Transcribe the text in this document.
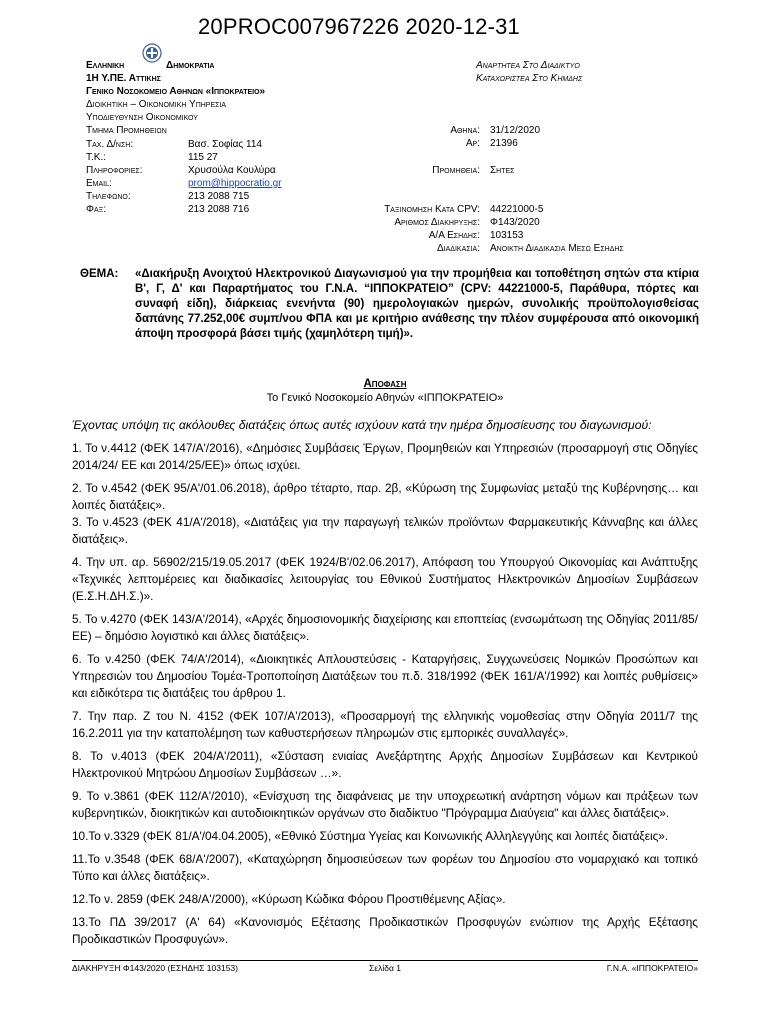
20PROC007967226 2020-12-31
Ελληνικη	Δημοκρατια
1Η Υ.ΠΕ. Αττικης
Γενικο Νοσοκομειο Αθηνων «Ιπποκρατειο»
Διοικητικη – Οικονομικη Υπηρεσια
Υποδιευθυνση Οικονομικου
Τμημα Προμηθειων
Ταχ. Δ/νση:	Βασ. Σοφίας 114
Τ.Κ.:	115 27
Πληροφοριες:	Χρυσούλα Κουλύρα
Email:	prom@hippocratio.gr
Τηλεφωνο:	213 2088 715
Φαξ:	213 2088 716
Αναρτητεα Στο Διαδικτυο
Καταχωριστεα Στο Κημδης
Αθηνα: 31/12/2020
Αρ: 21396
Προμηθεια: Σητες
Ταξινομηση Κατα CPV: 44221000-5
Αριθμος Διακηρυξης: Φ143/2020
Α/Α Εσηδης: 103153
Διαδικασια: Ανοικτη Διαδικασια Μεσω Εσηδης
ΘΕΜΑ: «Διακήρυξη Ανοιχτού Ηλεκτρονικού Διαγωνισμού για την προμήθεια και τοποθέτηση σητών στα κτίρια Β', Γ, Δ' και Παραρτήματος του Γ.Ν.Α. “ΙΠΠΟΚΡΑΤΕΙΟ” (CPV: 44221000-5, Παράθυρα, πόρτες και συναφή είδη), διάρκειας ενενήντα (90) ημερολογιακών ημερών, συνολικής προϋπολογισθείσας δαπάνης 77.252,00€ συμπ/νου ΦΠΑ και με κριτήριο ανάθεσης την πλέον συμφέρουσα από οικονομική άποψη προσφορά βάσει τιμής (χαμηλότερη τιμή)».
Αποφαση
Το Γενικό Νοσοκομείο Αθηνών «ΙΠΠΟΚΡΑΤΕΙΟ»
Έχοντας υπόψη τις ακόλουθες διατάξεις όπως αυτές ισχύουν κατά την ημέρα δημοσίευσης του διαγωνισμού:
1. Το ν.4412 (ΦΕΚ 147/Α'/2016), «Δημόσιες Συμβάσεις Έργων, Προμηθειών και Υπηρεσιών (προσαρμογή στις Οδηγίες 2014/24/ ΕΕ και 2014/25/ΕΕ)» όπως ισχύει.
2. Το ν.4542 (ΦΕΚ 95/Α'/01.06.2018), άρθρο τέταρτο, παρ. 2β, «Κύρωση της Συμφωνίας μεταξύ της Κυβέρνησης… και λοιπές διατάξεις».
3. Το ν.4523 (ΦΕΚ 41/Α'/2018), «Διατάξεις για την παραγωγή τελικών προϊόντων Φαρμακευτικής Κάνναβης και άλλες διατάξεις».
4. Την υπ. αρ. 56902/215/19.05.2017 (ΦΕΚ 1924/Β'/02.06.2017), Απόφαση του Υπουργού Οικονομίας και Ανάπτυξης «Τεχνικές λεπτομέρειες και διαδικασίες λειτουργίας του Εθνικού Συστήματος Ηλεκτρονικών Δημοσίων Συμβάσεων (Ε.Σ.Η.ΔΗ.Σ.)».
5. Το ν.4270 (ΦΕΚ 143/Α'/2014), «Αρχές δημοσιονομικής διαχείρισης και εποπτείας (ενσωμάτωση της Οδηγίας 2011/85/ΕΕ) – δημόσιο λογιστικό και άλλες διατάξεις».
6. Το ν.4250 (ΦΕΚ 74/Α'/2014), «Διοικητικές Απλουστεύσεις - Καταργήσεις, Συγχωνεύσεις Νομικών Προσώπων και Υπηρεσιών του Δημοσίου Τομέα-Τροποποίηση Διατάξεων του π.δ. 318/1992 (ΦΕΚ 161/Α'/1992) και λοιπές ρυθμίσεις» και ειδικότερα τις διατάξεις του άρθρου 1.
7. Την παρ. Ζ του Ν. 4152 (ΦΕΚ 107/Α'/2013), «Προσαρμογή της ελληνικής νομοθεσίας στην Οδηγία 2011/7 της 16.2.2011 για την καταπολέμηση των καθυστερήσεων πληρωμών στις εμπορικές συναλλαγές».
8. Το ν.4013 (ΦΕΚ 204/Α'/2011), «Σύσταση ενιαίας Ανεξάρτητης Αρχής Δημοσίων Συμβάσεων και Κεντρικού Ηλεκτρονικού Μητρώου Δημοσίων Συμβάσεων …».
9. Το ν.3861 (ΦΕΚ 112/Α'/2010), «Ενίσχυση της διαφάνειας με την υποχρεωτική ανάρτηση νόμων και πράξεων των κυβερνητικών, διοικητικών και αυτοδιοικητικών οργάνων στο διαδίκτυο "Πρόγραμμα Διαύγεια" και άλλες διατάξεις».
10.Το ν.3329 (ΦΕΚ 81/Α'/04.04.2005), «Εθνικό Σύστημα Υγείας και Κοινωνικής Αλληλεγγύης και λοιπές διατάξεις».
11.Το ν.3548 (ΦΕΚ 68/Α'/2007), «Καταχώρηση δημοσιεύσεων των φορέων του Δημοσίου στο νομαρχιακό και τοπικό Τύπο και άλλες διατάξεις».
12.Το ν. 2859 (ΦΕΚ 248/Α'/2000), «Κύρωση Κώδικα Φόρου Προστιθέμενης Αξίας».
13.Το ΠΔ 39/2017 (Α' 64) «Κανονισμός Εξέτασης Προδικαστικών Προσφυγών ενώπιον της Αρχής Εξέτασης Προδικαστικών Προσφυγών».
ΔΙΑΚΗΡΥΞΗ Φ143/2020 (ΕΣΗΔΗΣ 103153)	Σελίδα 1	Γ.Ν.Α. «ΙΠΠΟΚΡΑΤΕΙΟ»
